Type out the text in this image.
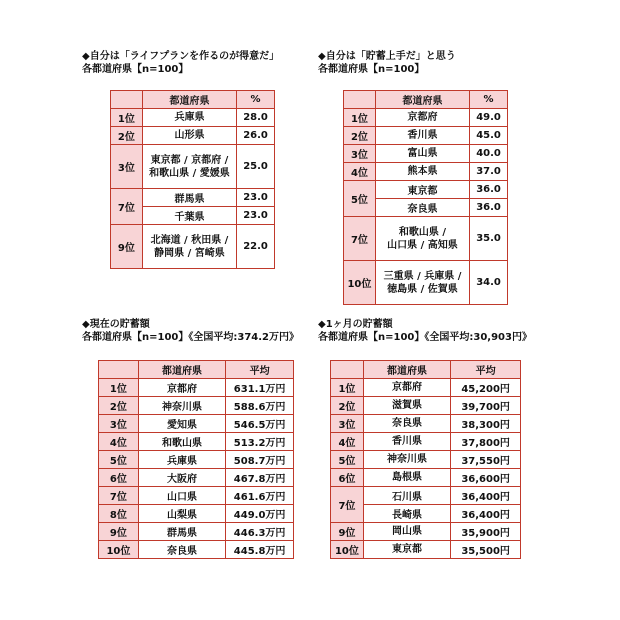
◆自分は「ライフプランを作るのが得意だ」
各都道府県【n=100】
	都道府県	%
1位	兵庫県	28.0
2位	山形県	26.0
3位	東京都 / 京都府 /
和歌山県 / 愛媛県	25.0
7位	群馬県	23.0
	千葉県	23.0
9位	北海道 / 秋田県 /
静岡県 / 宮崎県	22.0
◆自分は「貯蓄上手だ」と思う
各都道府県【n=100】
	都道府県	%
1位	京都府	49.0
2位	香川県	45.0
3位	富山県	40.0
4位	熊本県	37.0
5位	東京都	36.0
	奈良県	36.0
7位	和歌山県 /
山口県 / 高知県	35.0
10位	三重県 / 兵庫県 /
徳島県 / 佐賀県	34.0
◆現在の貯蓄額
各都道府県【n=100】《全国平均:374.2万円》
	都道府県	平均
1位	京都府	631.1万円
2位	神奈川県	588.6万円
3位	愛知県	546.5万円
4位	和歌山県	513.2万円
5位	兵庫県	508.7万円
6位	大阪府	467.8万円
7位	山口県	461.6万円
8位	山梨県	449.0万円
9位	群馬県	446.3万円
10位	奈良県	445.8万円
◆1ヶ月の貯蓄額
各都道府県【n=100】《全国平均:30,903円》
	都道府県	平均
1位	京都府	45,200円
2位	滋賀県	39,700円
3位	奈良県	38,300円
4位	香川県	37,800円
5位	神奈川県	37,550円
6位	島根県	36,600円
7位	石川県	36,400円
	長崎県	36,400円
9位	岡山県	35,900円
10位	東京都	35,500円
